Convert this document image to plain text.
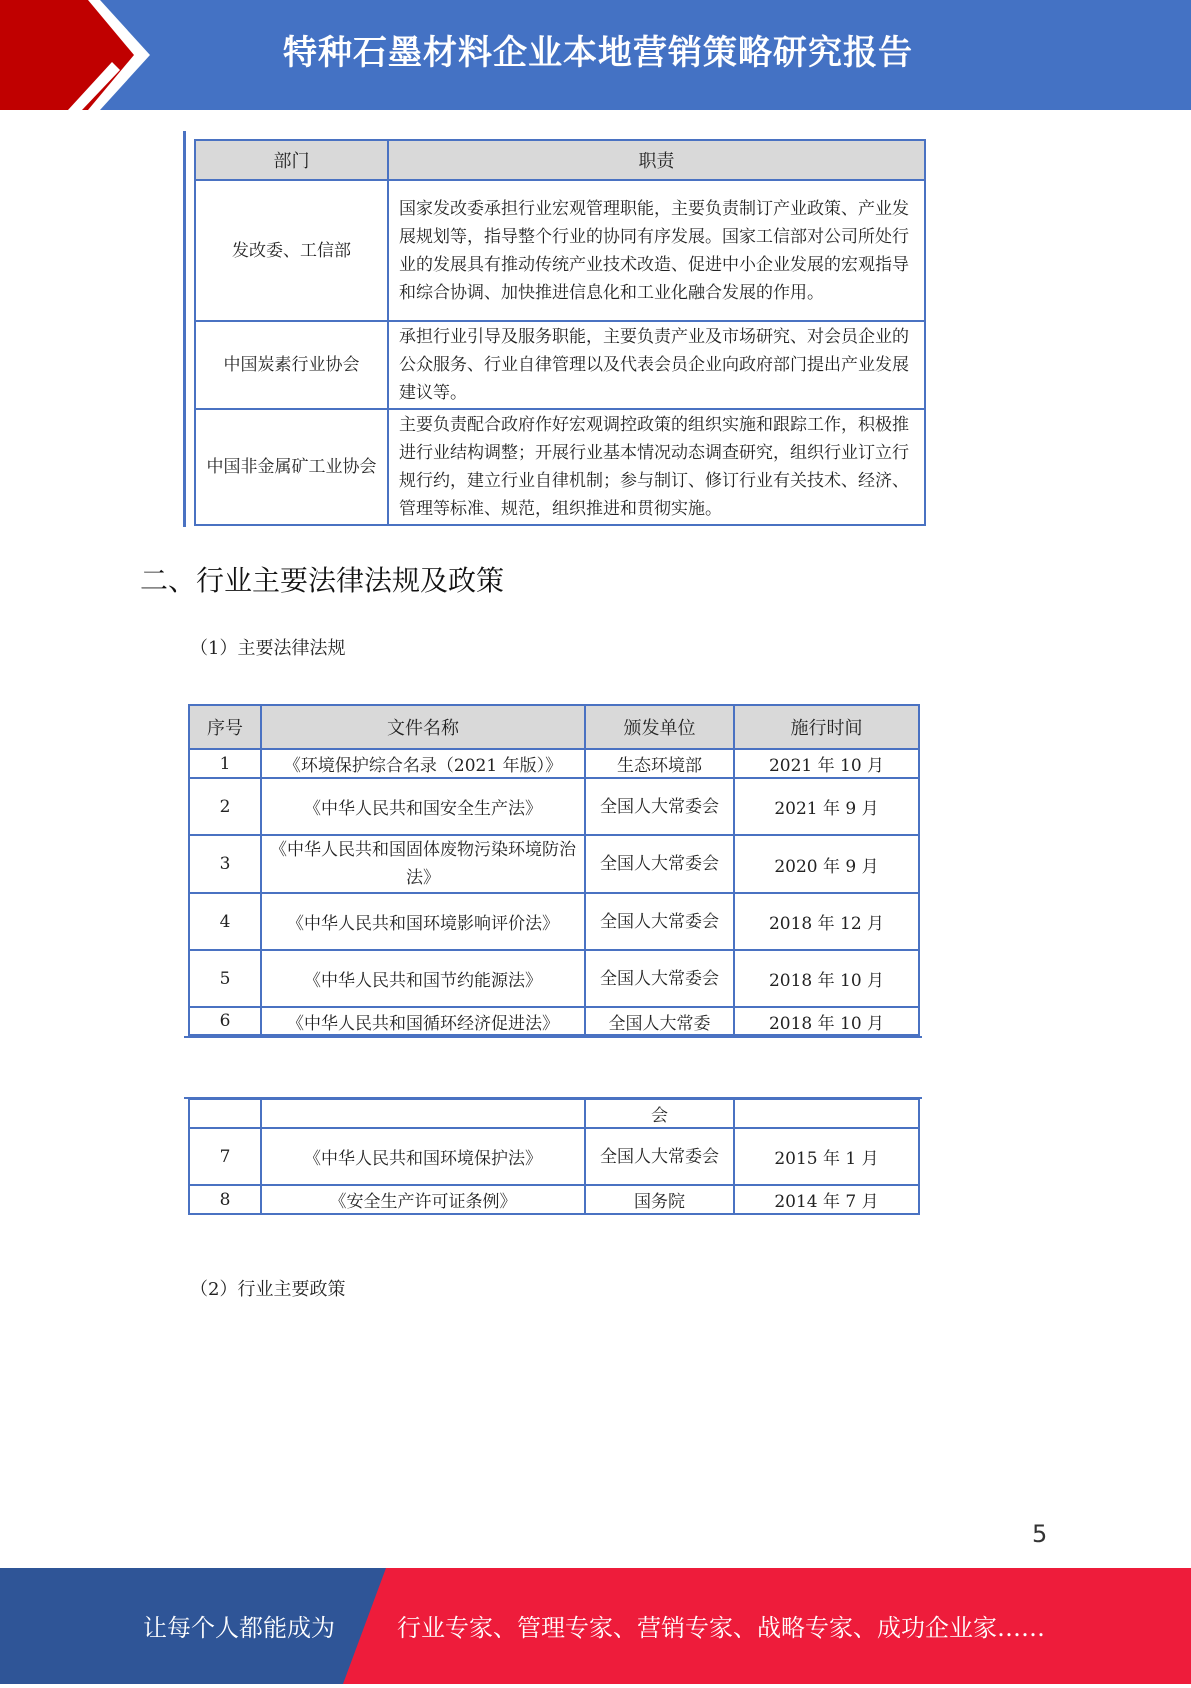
特种石墨材料企业本地营销策略研究报告
部门	职责
发改委、工信部	国家发改委承担行业宏观管理职能，主要负责制订产业政策、产业发展规划等，指导整个行业的协同有序发展。国家工信部对公司所处行业的发展具有推动传统产业技术改造、促进中小企业发展的宏观指导和综合协调、加快推进信息化和工业化融合发展的作用。
中国炭素行业协会	承担行业引导及服务职能，主要负责产业及市场研究、对会员企业的公众服务、行业自律管理以及代表会员企业向政府部门提出产业发展建议等。
中国非金属矿工业协会	主要负责配合政府作好宏观调控政策的组织实施和跟踪工作，积极推进行业结构调整；开展行业基本情况动态调查研究，组织行业订立行规行约，建立行业自律机制；参与制订、修订行业有关技术、经济、管理等标准、规范，组织推进和贯彻实施。
二、行业主要法律法规及政策
（1）主要法律法规
序号	文件名称	颁发单位	施行时间
1	《环境保护综合名录（2021 年版）》	生态环境部	2021 年 10 月
2	《中华人民共和国安全生产法》	全国人大常委会	2021 年 9 月
3	《中华人民共和国固体废物污染环境防治法》	全国人大常委会	2020 年 9 月
4	《中华人民共和国环境影响评价法》	全国人大常委会	2018 年 12 月
5	《中华人民共和国节约能源法》	全国人大常委会	2018 年 10 月
6	《中华人民共和国循环经济促进法》	全国人大常委	2018 年 10 月
		会	
7	《中华人民共和国环境保护法》	全国人大常委会	2015 年 1 月
8	《安全生产许可证条例》	国务院	2014 年 7 月
（2）行业主要政策
5
让每个人都能成为	行业专家、管理专家、营销专家、战略专家、成功企业家……
